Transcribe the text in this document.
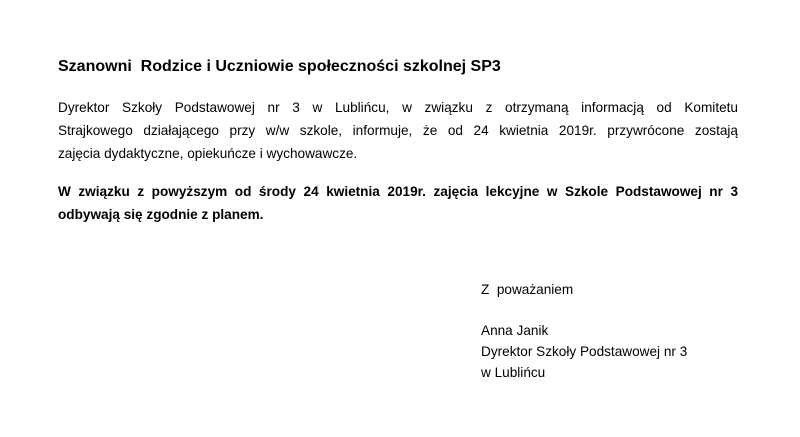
Szanowni  Rodzice i Uczniowie społeczności szkolnej SP3

Dyrektor Szkoły Podstawowej nr 3 w Lublińcu, w związku z otrzymaną informacją od Komitetu
Strajkowego działającego przy w/w szkole, informuje, że od 24 kwietnia 2019r. przywrócone zostają
zajęcia dydaktyczne, opiekuńcze i wychowawcze.

W związku z powyższym od środy 24 kwietnia 2019r. zajęcia lekcyjne w Szkole Podstawowej nr 3
odbywają się zgodnie z planem.

Z  poważaniem
Anna Janik
Dyrektor Szkoły Podstawowej nr 3
w Lublińcu
